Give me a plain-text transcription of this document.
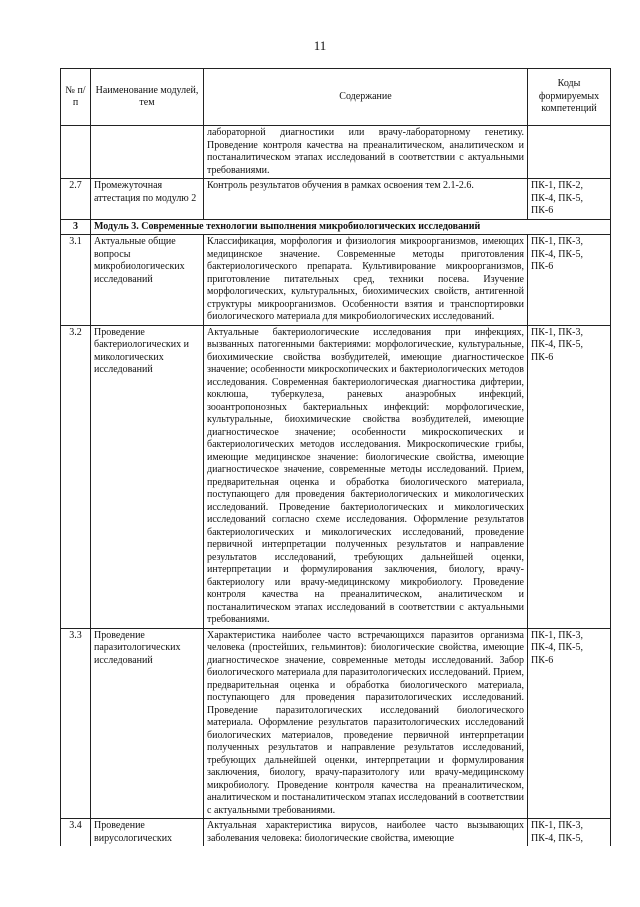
11
№ п/п	Наименование модулей, тем	Содержание	Коды формируемых компетенций
		лабораторной диагностики или врачу-лабораторному генетику. Проведение контроля качества на преаналитическом, аналитическом и постаналитическом этапах исследований в соответствии с актуальными требованиями.	
2.7	Промежуточная аттестация по модулю 2	Контроль результатов обучения в рамках освоения тем 2.1-2.6.	ПК-1, ПК-2, ПК-4, ПК-5, ПК-6
3	Модуль 3. Современные технологии выполнения микробиологических исследований		
3.1	Актуальные общие вопросы микробиологических исследований	Классификация, морфология и физиология микроорганизмов, имеющих медицинское значение. Современные методы приготовления бактериологического препарата. Культивирование микроорганизмов, приготовление питательных сред, техники посева. Изучение морфологических, культуральных, биохимических свойств, антигенной структуры микроорганизмов. Особенности взятия и транспортировки биологического материала для микробиологических исследований.	ПК-1, ПК-3, ПК-4, ПК-5, ПК-6
3.2	Проведение бактериологических и микологических исследований	Актуальные бактериологические исследования при инфекциях, вызванных патогенными бактериями: морфологические, культуральные, биохимические свойства возбудителей, имеющие диагностическое значение; особенности микроскопических и бактериологических методов исследования. Современная бактериологическая диагностика дифтерии, коклюша, туберкулеза, раневых анаэробных инфекций, зооантропонозных бактериальных инфекций: морфологические, культуральные, биохимические свойства возбудителей, имеющие диагностическое значение; особенности микроскопических и бактериологических методов исследования. Микроскопические грибы, имеющие медицинское значение: биологические свойства, имеющие диагностическое значение, современные методы исследований. Прием, предварительная оценка и обработка биологического материала, поступающего для проведения бактериологических и микологических исследований. Проведение бактериологических и микологических исследований согласно схеме исследования. Оформление результатов бактериологических и микологических исследований, проведение первичной интерпретации полученных результатов и направление результатов исследований, требующих дальнейшей оценки, интерпретации и формулирования заключения, биологу, врачу-бактериологу или врачу-медицинскому микробиологу. Проведение контроля качества на преаналитическом, аналитическом и постаналитическом этапах исследований в соответствии с актуальными требованиями.	ПК-1, ПК-3, ПК-4, ПК-5, ПК-6
3.3	Проведение паразитологических исследований	Характеристика наиболее часто встречающихся паразитов организма человека (простейших, гельминтов): биологические свойства, имеющие диагностическое значение, современные методы исследований. Забор биологического материала для паразитологических исследований. Прием, предварительная оценка и обработка биологического материала, поступающего для проведения паразитологических исследований. Проведение паразитологических исследований биологического материала. Оформление результатов паразитологических исследований биологических материалов, проведение первичной интерпретации полученных результатов и направление результатов исследований, требующих дальнейшей оценки, интерпретации и формулирования заключения, биологу, врачу-паразитологу или врачу-медицинскому микробиологу. Проведение контроля качества на преаналитическом, аналитическом и постаналитическом этапах исследований в соответствии с актуальными требованиями.	ПК-1, ПК-3, ПК-4, ПК-5, ПК-6
3.4	Проведение вирусологических	Актуальная характеристика вирусов, наиболее часто вызывающих заболевания человека: биологические свойства, имеющие	ПК-1, ПК-3, ПК-4, ПК-5,
